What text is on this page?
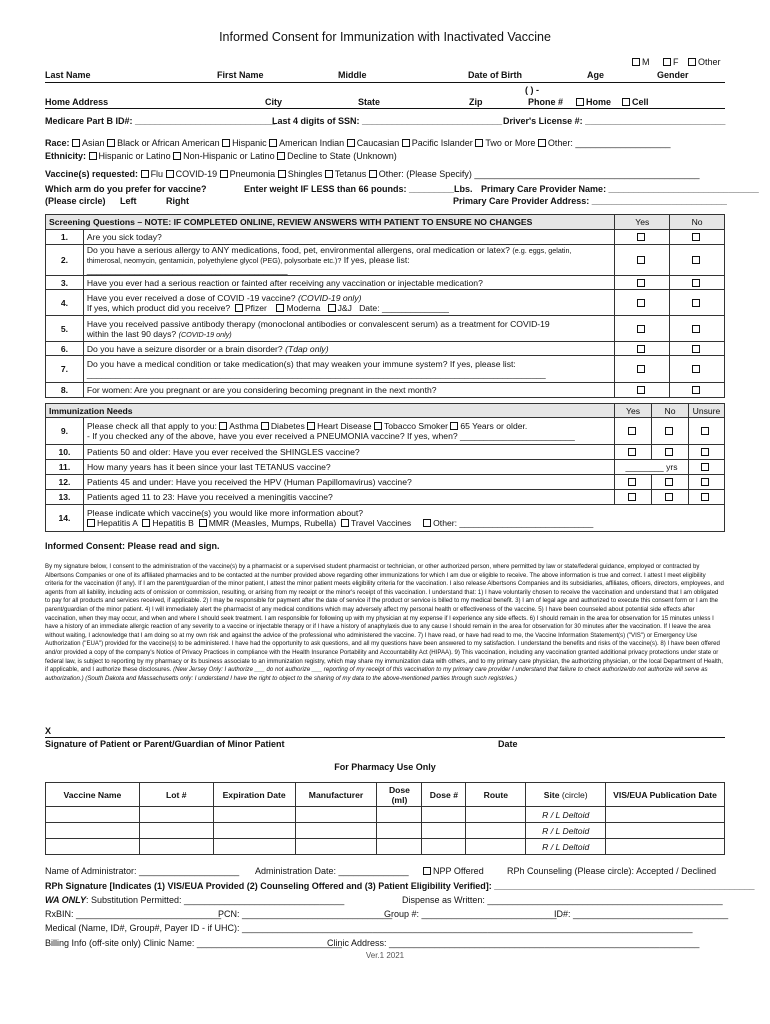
Informed Consent for Immunization with Inactivated Vaccine
M	F	Other
Last Name	First Name	Middle	Date of Birth	Age	Gender
( ) -
Home Address	City	State	Zip	Phone #	Home	Cell
Medicare Part B ID#: ____________________________
Last 4 digits of SSN: ____________________________ Driver's License #: ____________________________
Race: Asian Black or African American Hispanic American Indian Caucasian Pacific Islander Two or More Other: ___________________
Ethnicity: Hispanic or Latino Non-Hispanic or Latino Decline to State (Unknown)
Vaccine(s) requested: Flu COVID-19 Pneumonia Shingles Tetanus Other: (Please Specify) _____________________________________________
Which arm do you prefer for vaccine?	Enter weight IF LESS than 66 pounds: _________Lbs. Primary Care Provider Name: ______________________________
(Please circle) Left	Right	Primary Care Provider Address: ___________________________
Screening Questions – NOTE: IF COMPLETED ONLINE, REVIEW ANSWERS WITH PATIENT TO ENSURE NO CHANGES		Yes	No
1.	Are you sick today?		
2.	Do you have a serious allergy to ANY medications, food, pet, environmental allergens, oral medication or latex? (e.g. eggs, gelatin,
thimerosal, neomycin, gentamicin, polyethylene glycol (PEG), polysorbate etc.)? If yes, please list: __________________________________________		
3.	Have you ever had a serious reaction or fainted after receiving any vaccination or injectable medication?		
4.	Have you ever received a dose of COVID -19 vaccine? (COVID-19 only)
If yes, which product did you receive? Pfizer Moderna J&J Date: ______________		
5.	Have you received passive antibody therapy (monoclonal antibodies or convalescent serum) as a treatment for COVID-19
within the last 90 days? (COVID-19 only)		
6.	Do you have a seizure disorder or a brain disorder? (Tdap only)		
7.	Do you have a medical condition or take medication(s) that may weaken your immune system? If yes, please list:
________________________________________________________________________________________________		
8.	For women: Are you pregnant or are you considering becoming pregnant in the next month?		
Immunization Needs		Yes	No	Unsure
9.	Please check all that apply to you: Asthma Diabetes Heart Disease Tobacco Smoker 65 Years or older.
- If you checked any of the above, have you ever received a PNEUMONIA vaccine? If yes, when? ________________________			
10.	Patients 50 and older: Have you ever received the SHINGLES vaccine?			
11.	How many years has it been since your last TETANUS vaccine?	________ yrs		
12.	Patients 45 and under: Have you received the HPV (Human Papillomavirus) vaccine?			
13.	Patients aged 11 to 23: Have you received a meningitis vaccine?			
14.	Please indicate which vaccine(s) you would like more information about?
Hepatitis A Hepatitis B MMR (Measles, Mumps, Rubella) Travel Vaccines Other: ____________________________			
Informed Consent: Please read and sign.
By my signature below, I consent to the administration of the vaccine(s) by a pharmacist or a supervised student pharmacist or technician, or other authorized person, where permitted by law or state/federal guidance, employed or contracted by Albertsons Companies or one of its affiliated pharmacies and to be contacted at the number provided above regarding other immunizations for which I am due or eligible to receive. The above information is true and correct. I attest I meet eligibility criteria for the vaccination (if any). If I am the parent/guardian of the minor patient, I attest the minor patient meets eligibility criteria for the vaccination. I also release Albertsons Companies and its subsidiaries, affiliates, officers, directors, employees, and agents from all liability, including acts of omission or commission, resulting, or arising from my receipt or the minor's receipt of this vaccination. I understand that: 1) I have voluntarily chosen to receive the vaccination and understand that I am obligated to pay for all products and services received, if applicable. 2) I may be responsible for payment after the date of service if the product or service is billed to my medical benefit. 3) I am of legal age and authorized to execute this consent form or I am the parent/guardian of the minor patient. 4) I will immediately alert the pharmacist of any medical conditions which may adversely affect my personal health or effectiveness of the vaccine. 5) I have been counseled about potential side effects after vaccination, when they may occur, and when and where I should seek treatment. I am responsible for following up with my physician at my expense if I experience any side effects. 6) I should remain in the area for observation for 15 minutes unless I have a history of an immediate allergic reaction of any severity to a vaccine or injectable therapy or if I have a history of anaphylaxis due to any cause I should remain in the area for observation for 30 minutes after the vaccination. If I leave the area without waiting, I acknowledge that I am doing so at my own risk and against the advice of the professional who administered the vaccine. 7) I have read, or have had read to me, the Vaccine Information Statement(s) ("VIS") or Emergency Use Authorization ("EUA") provided for the vaccine(s) to be administered. I have had the opportunity to ask questions, and all my questions have been answered to my satisfaction. I understand the benefits and risks of the vaccine(s). 8) I have been offered and/or provided a copy of the company's Notice of Privacy Practices in compliance with the Health Insurance Portability and Accountability Act (HIPAA). 9) This vaccination, including any vaccination granted additional privacy protections under state or federal law, is subject to reporting by my pharmacy or its business associate to an immunization registry, which may share my immunization data with others, and to my primary care physician, the authorizing physician, or the local Department of Health, if applicable, and I authorize these disclosures. (New Jersey Only: I authorize ___ do not authorize ___ reporting of my receipt of this vaccination to my primary care provider I understand that failure to check authorize/do not authorize will serve as authorization.) (South Dakota and Massachusetts only: I understand I have the right to object to the sharing of my data to the above-mentioned parties through such registries.)
X
Signature of Patient or Parent/Guardian of Minor Patient	Date
For Pharmacy Use Only
Vaccine Name	Lot #	Expiration Date	Manufacturer	Dose (ml)	Dose #	Route	Site (circle)	VIS/EUA Publication Date
							R / L Deltoid	
							R / L Deltoid	
							R / L Deltoid	
Name of Administrator: ____________________ Administration Date: ______________	NPP Offered	RPh Counseling (Please circle): Accepted / Declined
RPh Signature [Indicates (1) VIS/EUA Provided (2) Counseling Offered and (3) Patient Eligibility Verified]: ____________________________________________________
WA ONLY: Substitution Permitted: ________________________________	Dispense as Written: _______________________________________________
RxBIN: _____________________________
PCN: ______________________________
Group #: ___________________________
ID#: _______________________________
Medical (Name, ID#, Group#, Payer ID - if UHC): __________________________________________________________________________________________
Billing Info (off-site only) Clinic Name: _____________________________
Clinic Address: ______________________________________________________________
Ver.1 2021
